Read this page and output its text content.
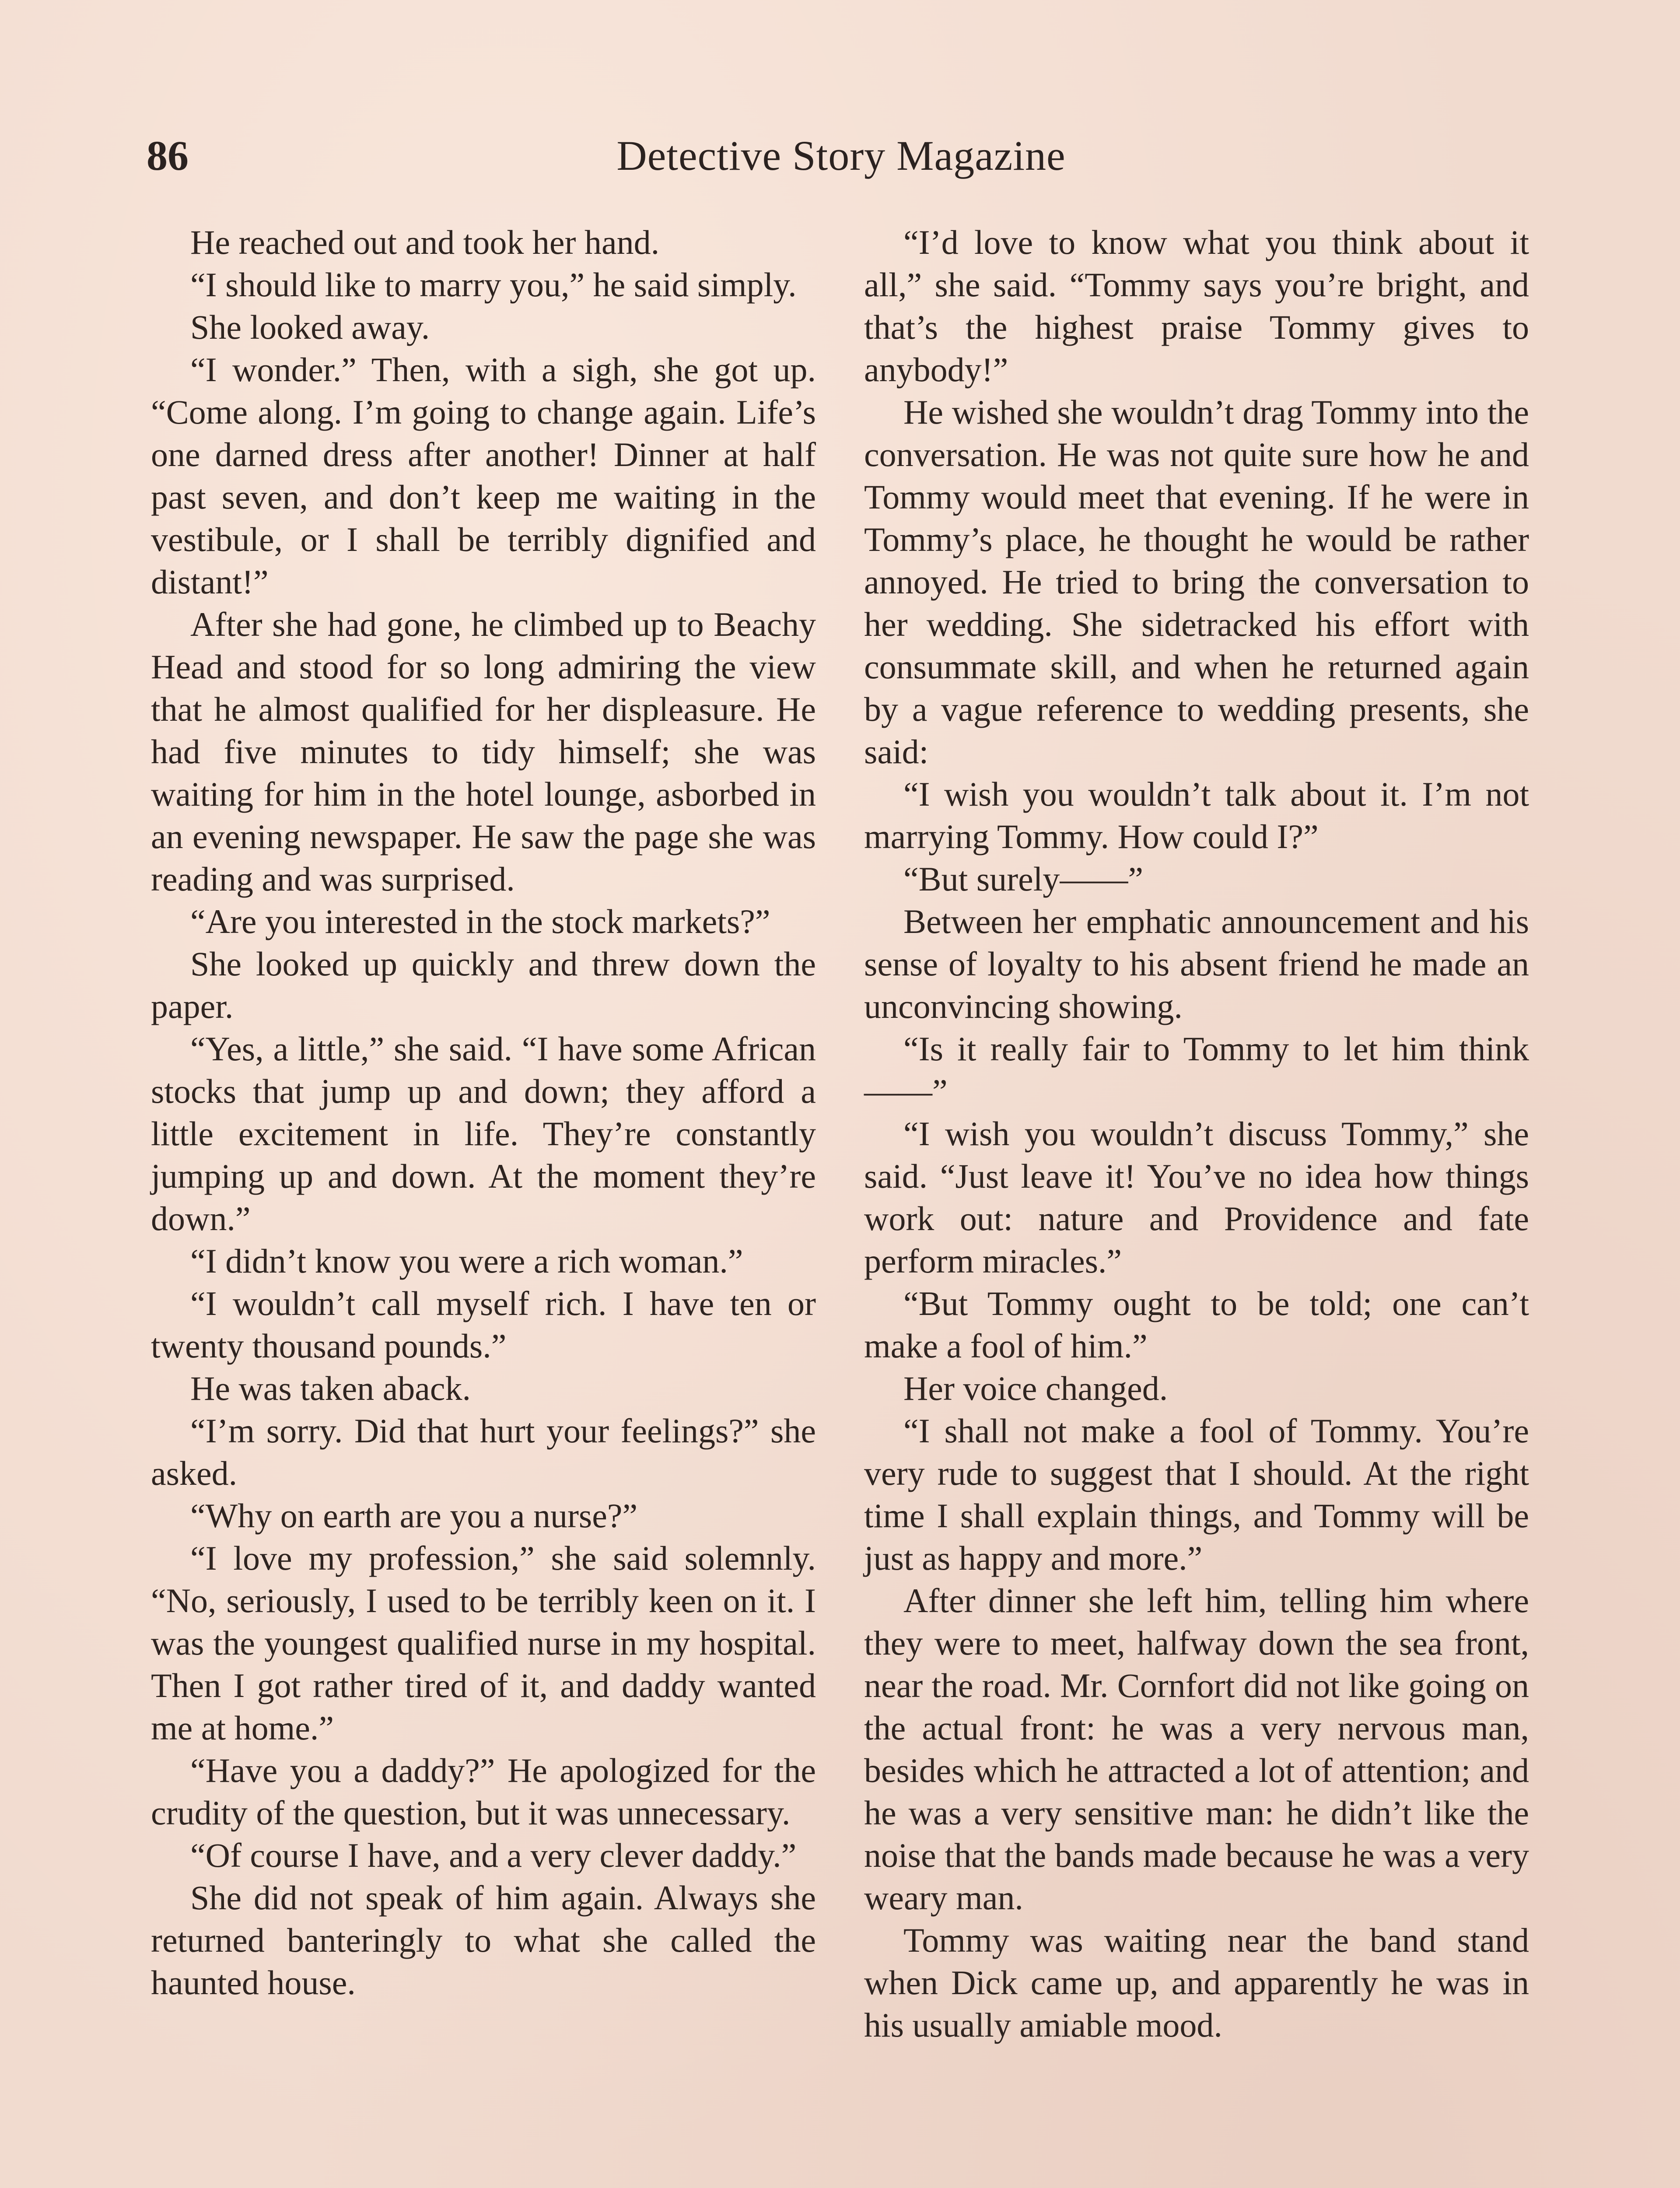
86	Detective Story Magazine

He reached out and took her hand.

“I should like to marry you,” he said simply.

She looked away.

“I wonder.” Then, with a sigh, she got up. “Come along. I’m going to change again. Life’s one darned dress after another! Dinner at half past seven, and don’t keep me waiting in the vestibule, or I shall be terribly dignified and distant!”

After she had gone, he climbed up to Beachy Head and stood for so long admiring the view that he almost qualified for her displeasure. He had five minutes to tidy himself; she was waiting for him in the hotel lounge, asborbed in an evening newspaper. He saw the page she was reading and was surprised.

“Are you interested in the stock markets?”

She looked up quickly and threw down the paper.

“Yes, a little,” she said. “I have some African stocks that jump up and down; they afford a little excitement in life. They’re constantly jumping up and down. At the moment they’re down.”

“I didn’t know you were a rich woman.”

“I wouldn’t call myself rich. I have ten or twenty thousand pounds.”

He was taken aback.

“I’m sorry. Did that hurt your feelings?” she asked.

“Why on earth are you a nurse?”

“I love my profession,” she said solemnly. “No, seriously, I used to be terribly keen on it. I was the youngest qualified nurse in my hospital. Then I got rather tired of it, and daddy wanted me at home.”

“Have you a daddy?” He apologized for the crudity of the question, but it was unnecessary.

“Of course I have, and a very clever daddy.”

She did not speak of him again. Always she returned banteringly to what she called the haunted house.

“I’d love to know what you think about it all,” she said. “Tommy says you’re bright, and that’s the highest praise Tommy gives to anybody!”

He wished she wouldn’t drag Tommy into the conversation. He was not quite sure how he and Tommy would meet that evening. If he were in Tommy’s place, he thought he would be rather annoyed. He tried to bring the conversation to her wedding. She sidetracked his effort with consummate skill, and when he returned again by a vague reference to wedding presents, she said:

“I wish you wouldn’t talk about it. I’m not marrying Tommy. How could I?”

“But surely——”

Between her emphatic announcement and his sense of loyalty to his absent friend he made an unconvincing showing.

“Is it really fair to Tommy to let him think——”

“I wish you wouldn’t discuss Tommy,” she said. “Just leave it! You’ve no idea how things work out: nature and Providence and fate perform miracles.”

“But Tommy ought to be told; one can’t make a fool of him.”

Her voice changed.

“I shall not make a fool of Tommy. You’re very rude to suggest that I should. At the right time I shall explain things, and Tommy will be just as happy and more.”

After dinner she left him, telling him where they were to meet, halfway down the sea front, near the road. Mr. Cornfort did not like going on the actual front: he was a very nervous man, besides which he attracted a lot of attention; and he was a very sensitive man: he didn’t like the noise that the bands made because he was a very weary man.

Tommy was waiting near the band stand when Dick came up, and apparently he was in his usually amiable mood.
